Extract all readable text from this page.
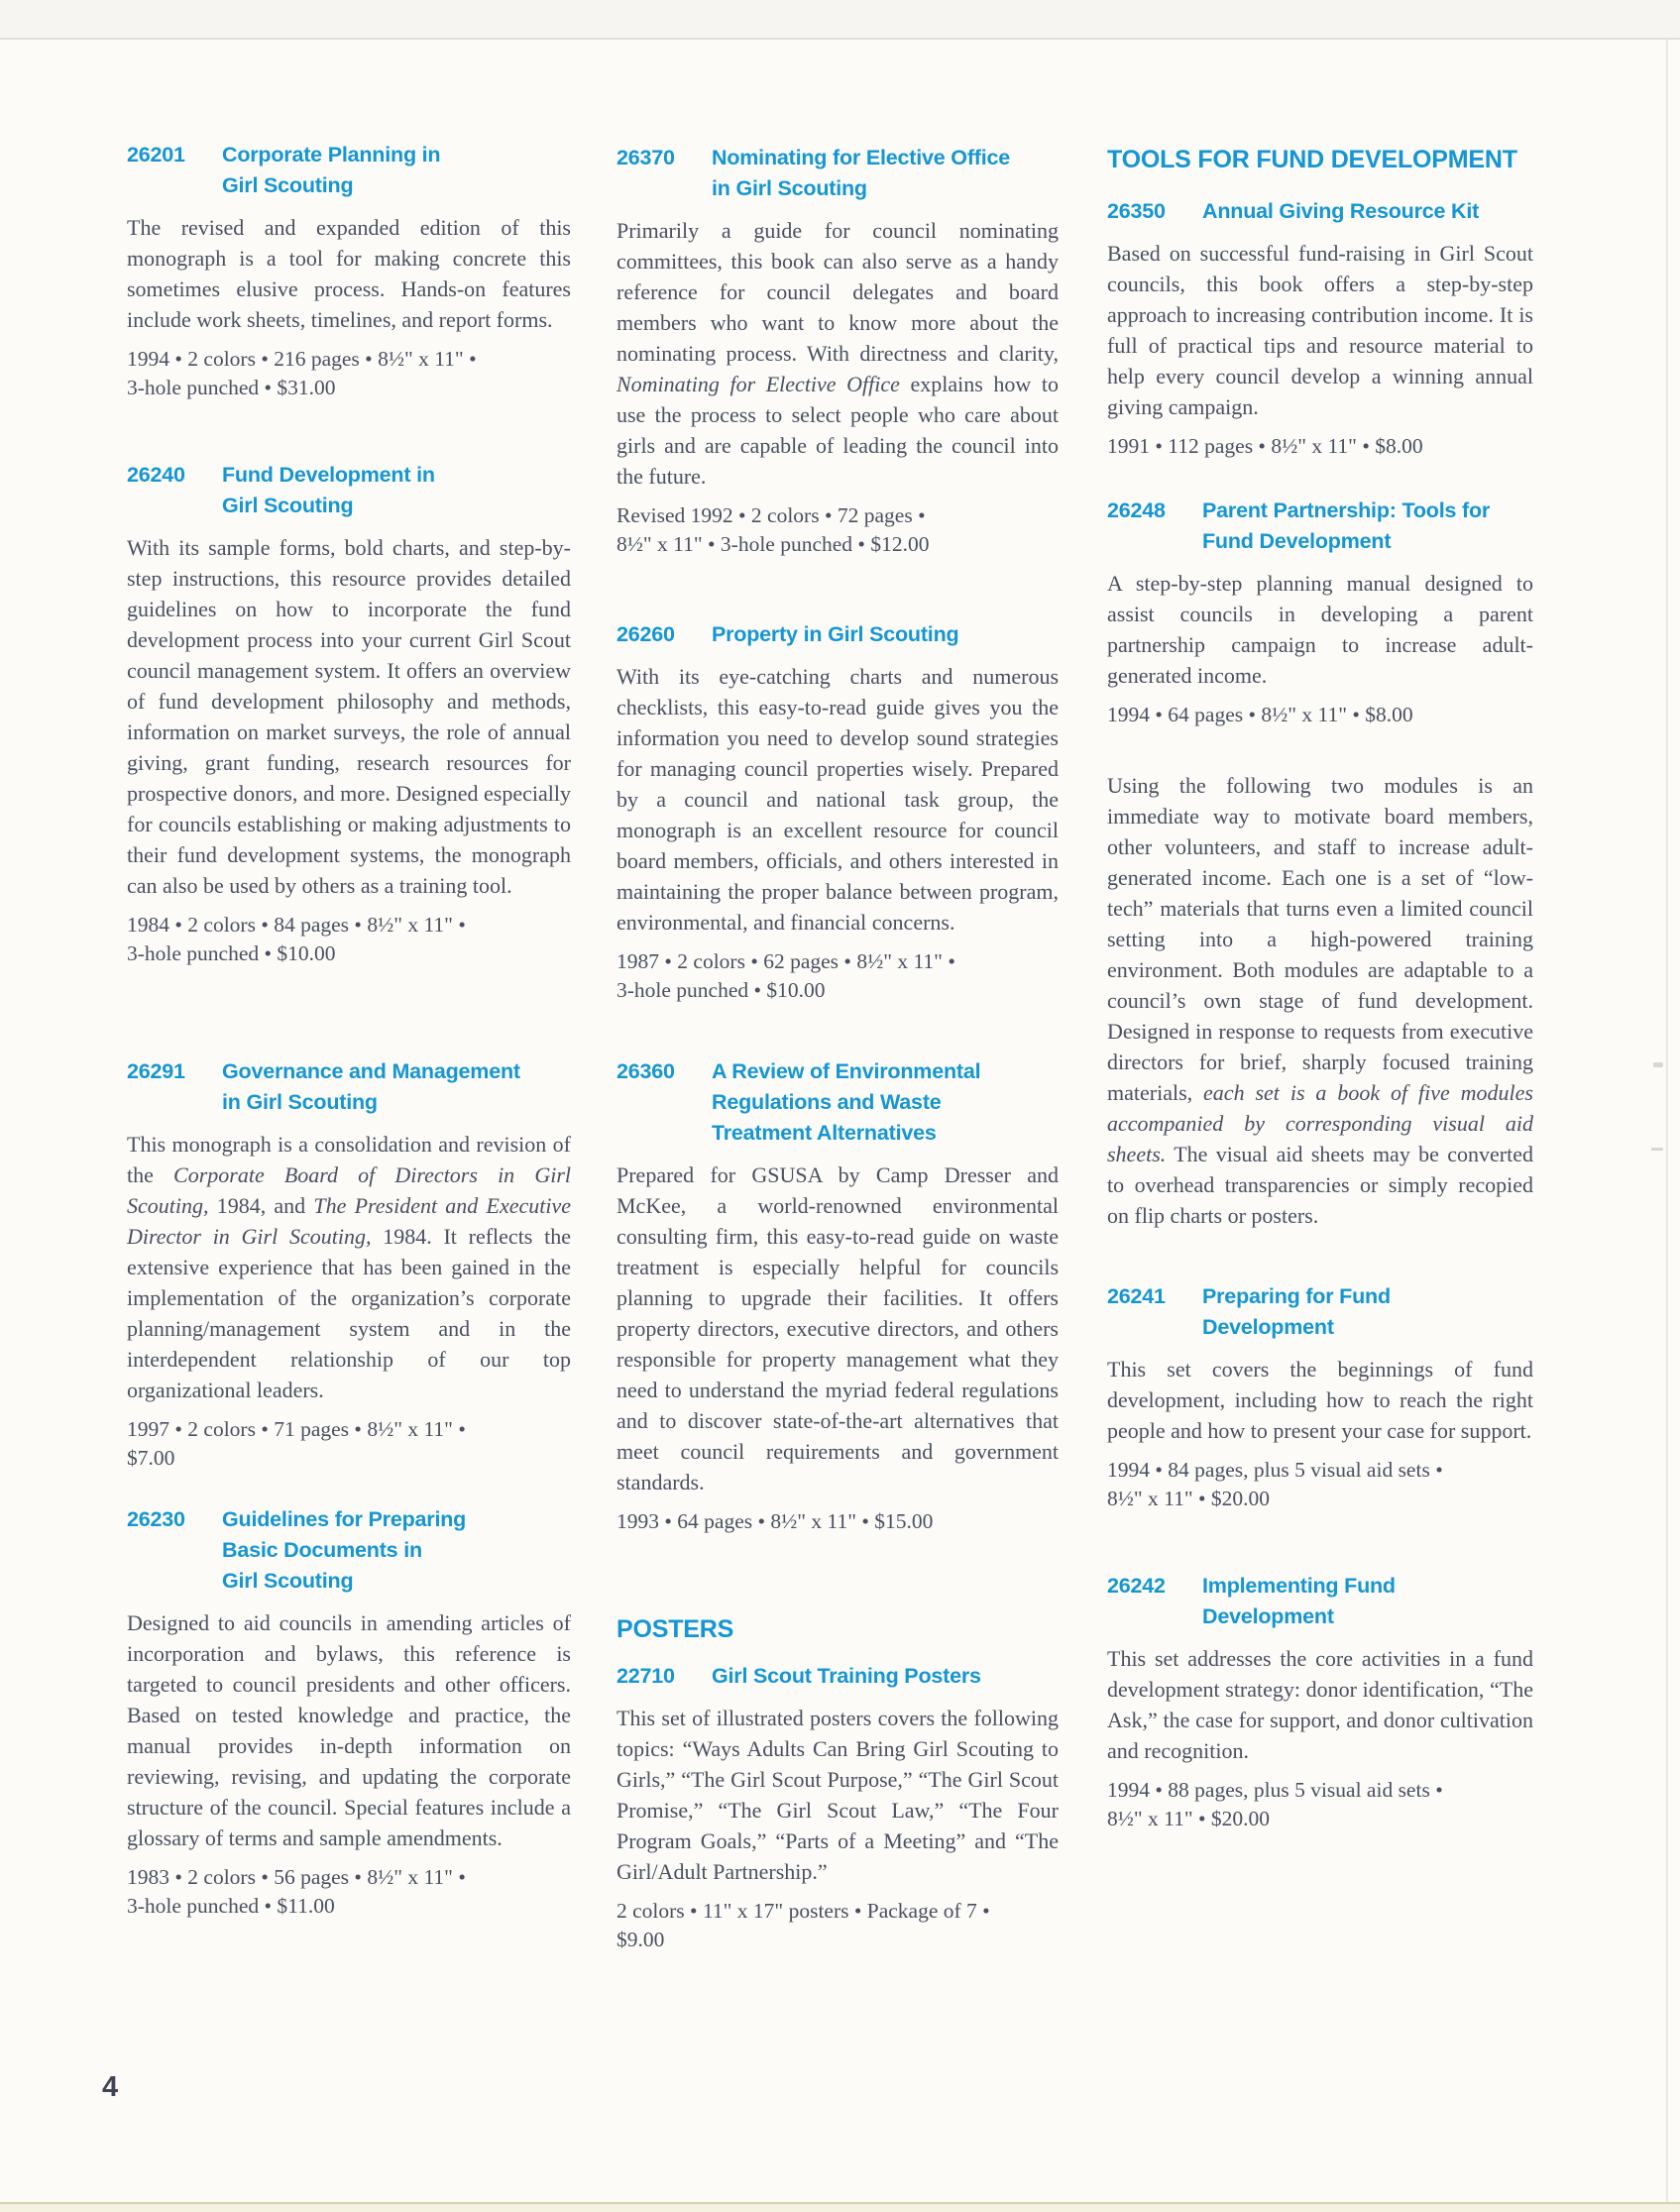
26201	Corporate Planning in
Girl Scouting

The revised and expanded edition of this monograph is a tool for making concrete this sometimes elusive process. Hands-on features include work sheets, timelines, and report forms.

1994 • 2 colors • 216 pages • 8½" x 11" •
3-hole punched • $31.00
26240	Fund Development in
Girl Scouting

With its sample forms, bold charts, and step-by-step instructions, this resource provides detailed guidelines on how to incorporate the fund development process into your current Girl Scout council management system. It offers an overview of fund development philosophy and methods, information on market surveys, the role of annual giving, grant funding, research resources for prospective donors, and more. Designed especially for councils establishing or making adjustments to their fund development systems, the monograph can also be used by others as a training tool.

1984 • 2 colors • 84 pages • 8½" x 11" •
3-hole punched • $10.00
26291	Governance and Management
in Girl Scouting

This monograph is a consolidation and revision of the Corporate Board of Directors in Girl Scouting, 1984, and The President and Executive Director in Girl Scouting, 1984. It reflects the extensive experience that has been gained in the implementation of the organization’s corporate planning/management system and in the interdependent relationship of our top organizational leaders.

1997 • 2 colors • 71 pages • 8½" x 11" •
$7.00
26230	Guidelines for Preparing
Basic Documents in
Girl Scouting

Designed to aid councils in amending articles of incorporation and bylaws, this reference is targeted to council presidents and other officers. Based on tested knowledge and practice, the manual provides in-depth information on reviewing, revising, and updating the corporate structure of the council. Special features include a glossary of terms and sample amendments.

1983 • 2 colors • 56 pages • 8½" x 11" •
3-hole punched • $11.00
26370	Nominating for Elective Office
in Girl Scouting

Primarily a guide for council nominating committees, this book can also serve as a handy reference for council delegates and board members who want to know more about the nominating process. With directness and clarity, Nominating for Elective Office explains how to use the process to select people who care about girls and are capable of leading the council into the future.

Revised 1992 • 2 colors • 72 pages •
8½" x 11" • 3-hole punched • $12.00
26260	Property in Girl Scouting

With its eye-catching charts and numerous checklists, this easy-to-read guide gives you the information you need to develop sound strategies for managing council properties wisely. Prepared by a council and national task group, the monograph is an excellent resource for council board members, officials, and others interested in maintaining the proper balance between program, environmental, and financial concerns.

1987 • 2 colors • 62 pages • 8½" x 11" •
3-hole punched • $10.00
26360	A Review of Environmental
Regulations and Waste
Treatment Alternatives

Prepared for GSUSA by Camp Dresser and McKee, a world-renowned environmental consulting firm, this easy-to-read guide on waste treatment is especially helpful for councils planning to upgrade their facilities. It offers property directors, executive directors, and others responsible for property management what they need to understand the myriad federal regulations and to discover state-of-the-art alternatives that meet council requirements and government standards.

1993 • 64 pages • 8½" x 11" • $15.00
POSTERS
22710	Girl Scout Training Posters

This set of illustrated posters covers the following topics: “Ways Adults Can Bring Girl Scouting to Girls,” “The Girl Scout Purpose,” “The Girl Scout Promise,” “The Girl Scout Law,” “The Four Program Goals,” “Parts of a Meeting” and “The Girl/Adult Partnership.”

2 colors • 11" x 17" posters • Package of 7 •
$9.00
TOOLS FOR FUND DEVELOPMENT
26350	Annual Giving Resource Kit

Based on successful fund-raising in Girl Scout councils, this book offers a step-by-step approach to increasing contribution income. It is full of practical tips and resource material to help every council develop a winning annual giving campaign.

1991 • 112 pages • 8½" x 11" • $8.00
26248	Parent Partnership: Tools for
Fund Development

A step-by-step planning manual designed to assist councils in developing a parent partnership campaign to increase adult-generated income.

1994 • 64 pages • 8½" x 11" • $8.00

Using the following two modules is an immediate way to motivate board members, other volunteers, and staff to increase adult-generated income. Each one is a set of “low-tech” materials that turns even a limited council setting into a high-powered training environment. Both modules are adaptable to a council’s own stage of fund development. Designed in response to requests from executive directors for brief, sharply focused training materials, each set is a book of five modules accompanied by corresponding visual aid sheets. The visual aid sheets may be converted to overhead transparencies or simply recopied on flip charts or posters.

26241	Preparing for Fund
Development

This set covers the beginnings of fund development, including how to reach the right people and how to present your case for support.

1994 • 84 pages, plus 5 visual aid sets •
8½" x 11" • $20.00
26242	Implementing Fund
Development

This set addresses the core activities in a fund development strategy: donor identification, “The Ask,” the case for support, and donor cultivation and recognition.

1994 • 88 pages, plus 5 visual aid sets •
8½" x 11" • $20.00
4
